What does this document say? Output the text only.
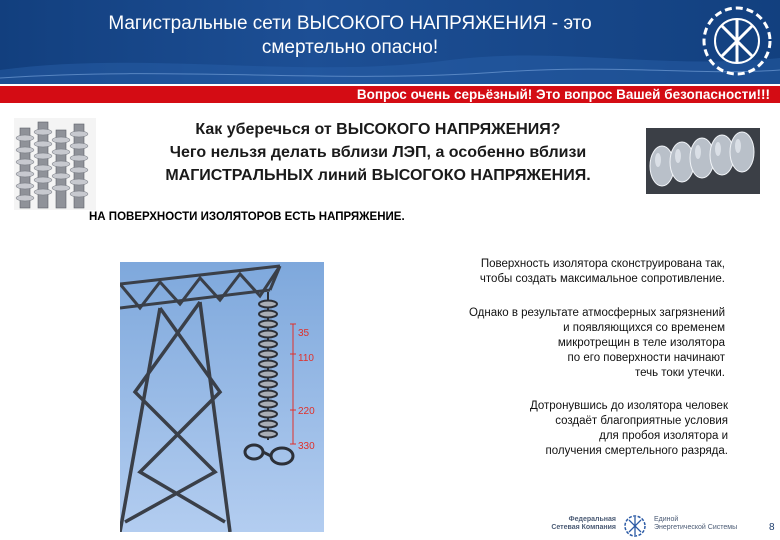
Магистральные сети ВЫСОКОГО НАПРЯЖЕНИЯ - это
смертельно опасно!
Вопрос очень серьёзный! Это вопрос Вашей безопасности!!!
Как уберечься от ВЫСОКОГО НАПРЯЖЕНИЯ?
Чего нельзя делать вблизи ЛЭП, а особенно вблизи
МАГИСТРАЛЬНЫХ линий ВЫСОГОКО НАПРЯЖЕНИЯ.
НА ПОВЕРХНОСТИ ИЗОЛЯТОРОВ ЕСТЬ НАПРЯЖЕНИЕ.
35
110
220
330
Поверхность изолятора сконструирована так,
чтобы создать максимальное сопротивление.
Однако в результате атмосферных загрязнений
и появляющихся со временем
микротрещин в теле изолятора
по его поверхности начинают
течь токи утечки.
Дотронувшись до изолятора человек
создаёт благоприятные условия
для пробоя изолятора и
получения смертельного разряда.
Федеральная
Сетевая Компания
Единой
Энергетической Системы	8
